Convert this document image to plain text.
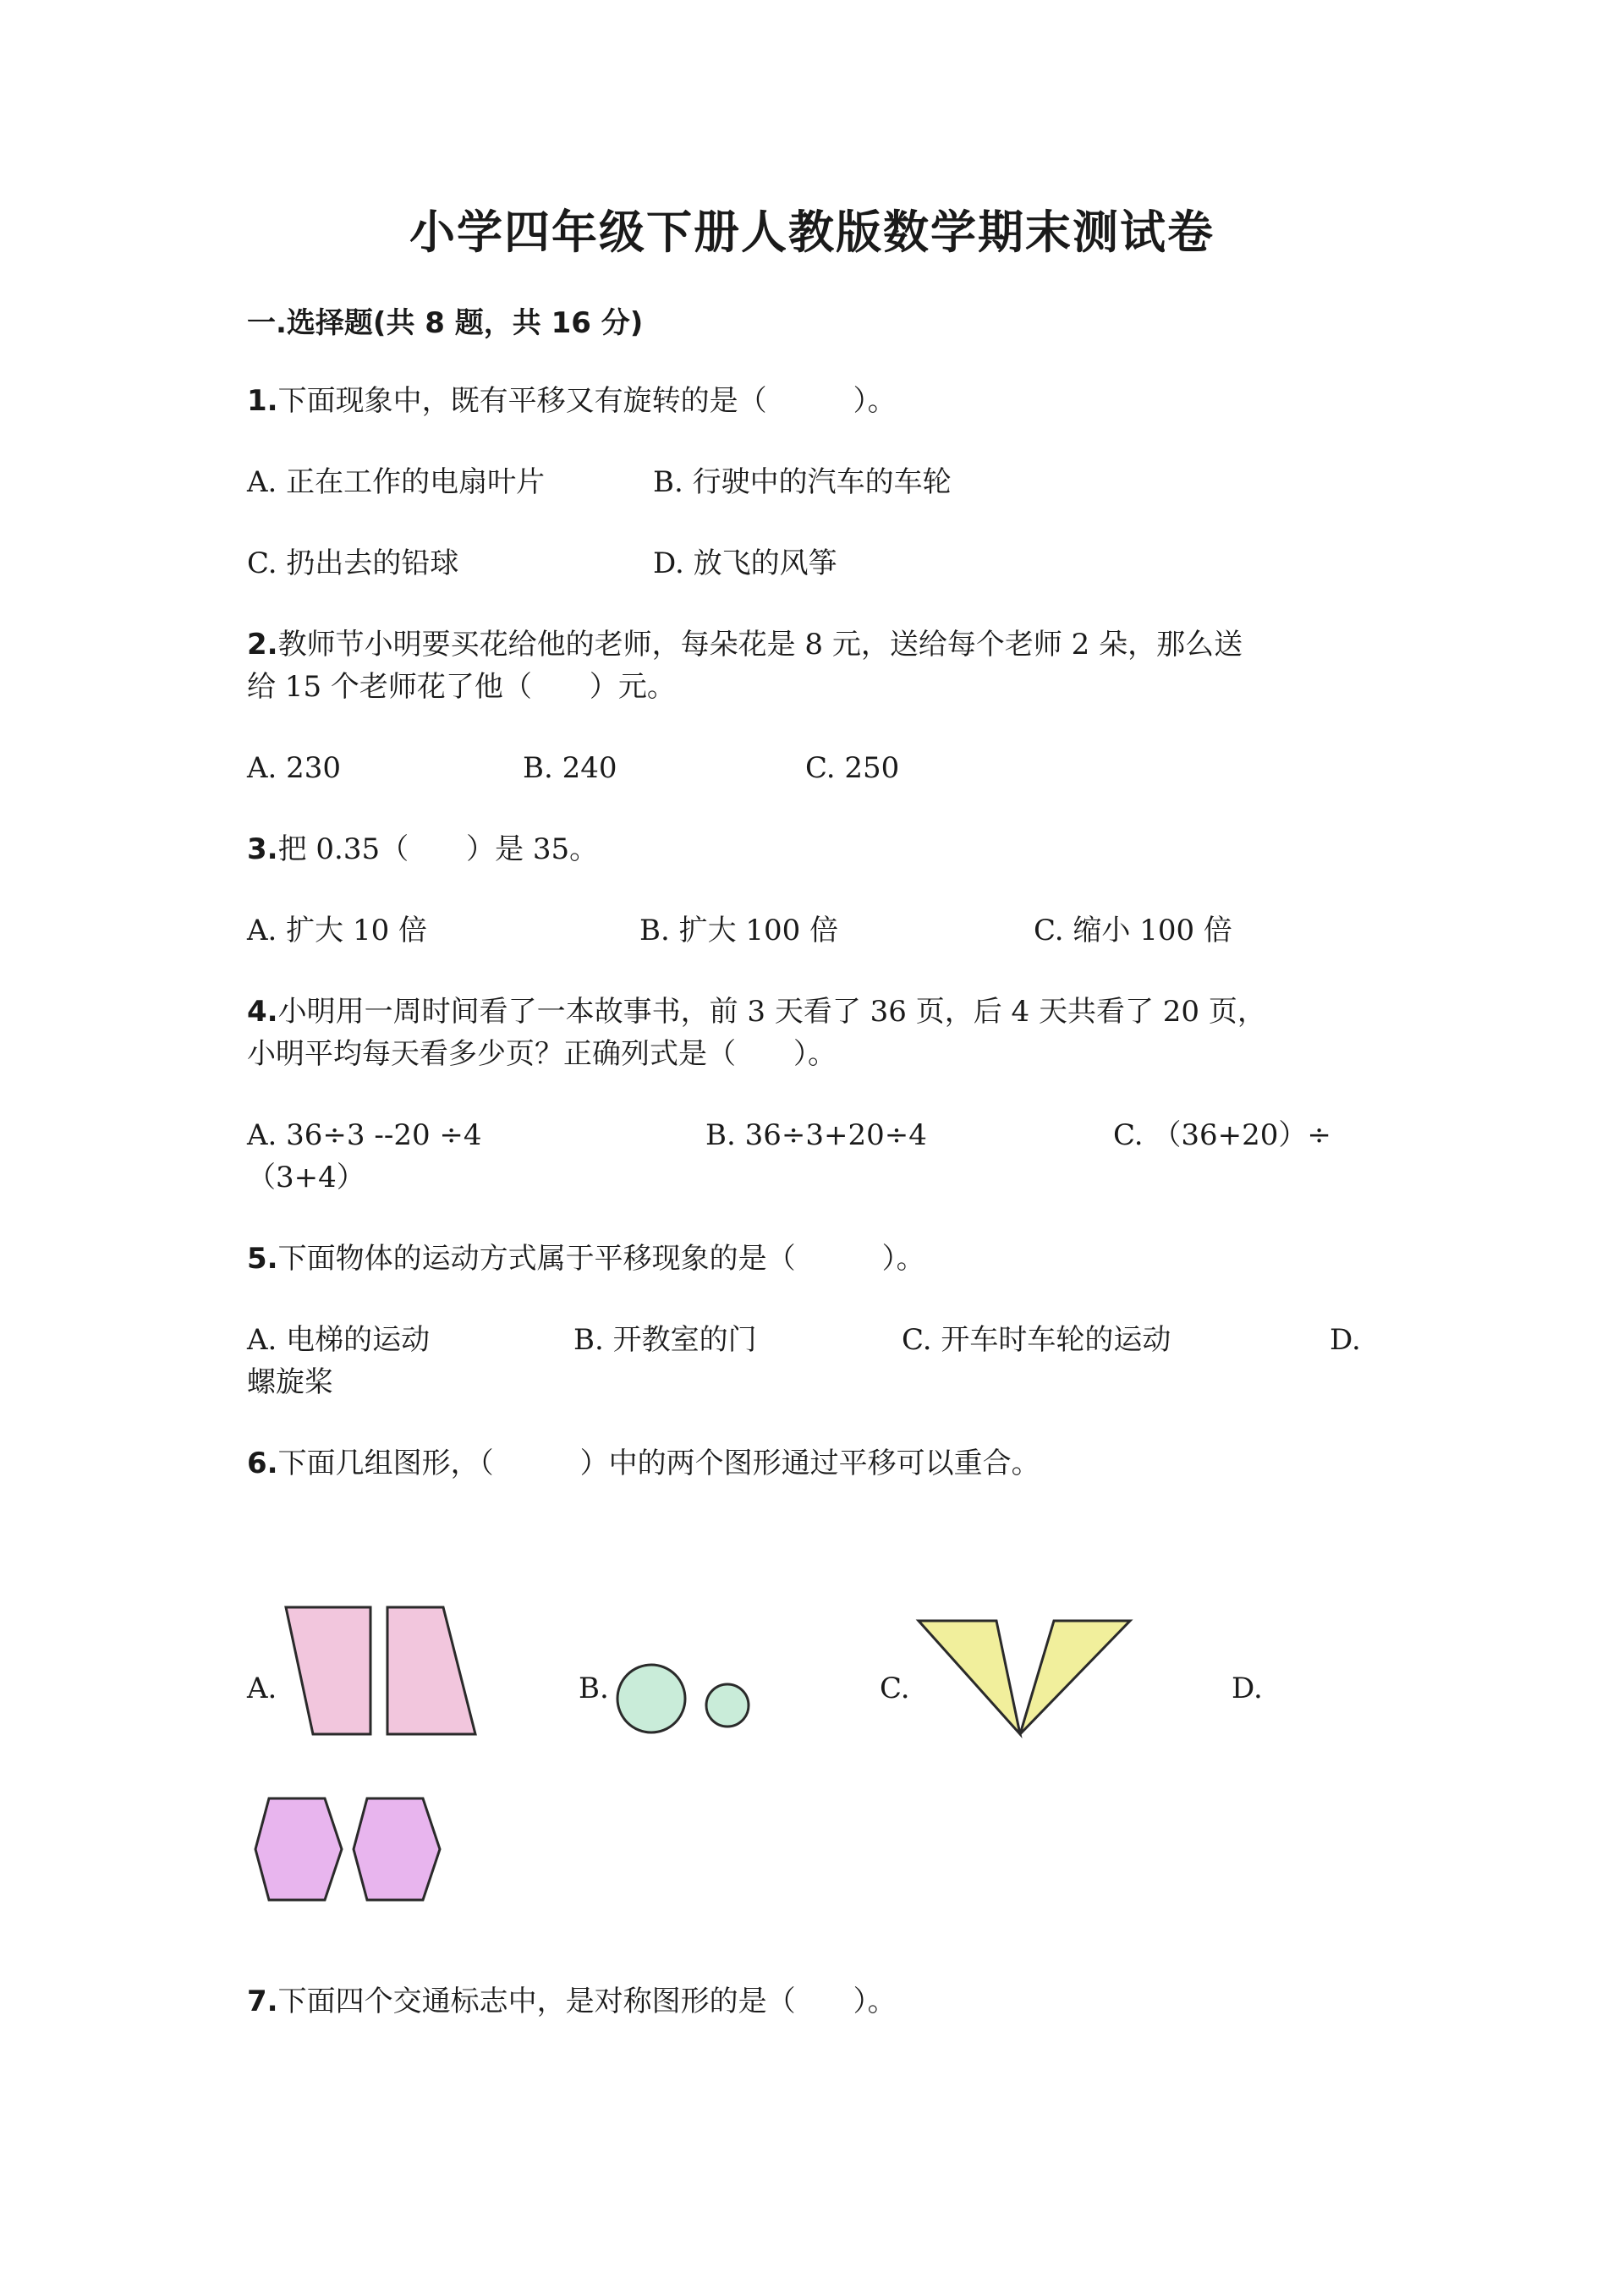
小学四年级下册人教版数学期末测试卷
一.选择题(共 8 题，共 16 分)
1.下面现象中，既有平移又有旋转的是（　　　）。
A. 正在工作的电扇叶片	B. 行驶中的汽车的车轮
C. 扔出去的铅球	D. 放飞的风筝
2.教师节小明要买花给他的老师，每朵花是 8 元，送给每个老师 2 朵，那么送
给 15 个老师花了他（　　）元。
A. 230	B. 240	C. 250
3.把 0.35（　　）是 35。
A. 扩大 10 倍	B. 扩大 100 倍	C. 缩小 100 倍
4.小明用一周时间看了一本故事书，前 3 天看了 36 页，后 4 天共看了 20 页，
小明平均每天看多少页？正确列式是（　　）。
A. 36÷3 --20 ÷4	B. 36÷3+20÷4	C. （36+20）÷
（3+4）
5.下面物体的运动方式属于平移现象的是（　　　）。
A. 电梯的运动	B. 开教室的门	C. 开车时车轮的运动	D.
螺旋桨
6.下面几组图形，（　　　）中的两个图形通过平移可以重合。
A.	B.	C.	D.
7.下面四个交通标志中，是对称图形的是（　　）。
